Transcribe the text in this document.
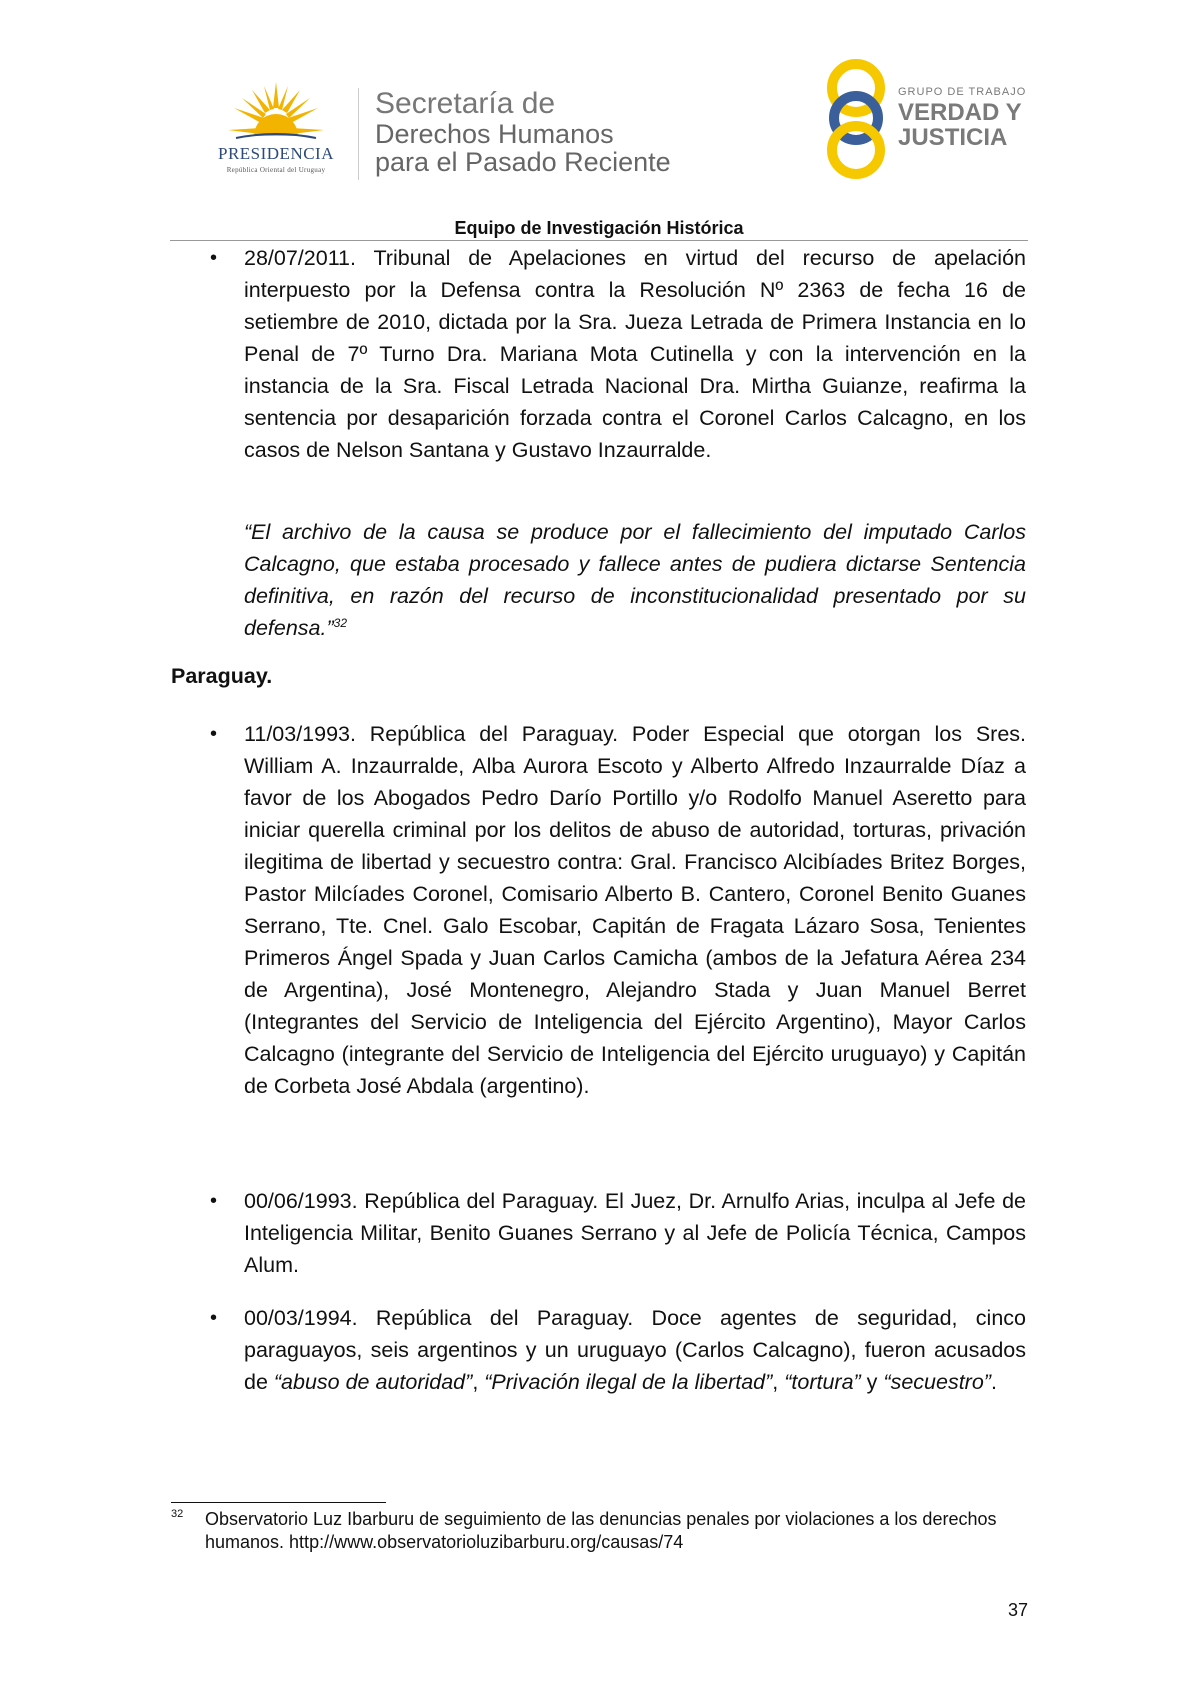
PRESIDENCIA
República Oriental del Uruguay
Secretaría de
Derechos Humanos
para el Pasado Reciente
GRUPO DE TRABAJO
VERDAD Y
JUSTICIA
Equipo de Investigación Histórica
• 28/07/2011. Tribunal de Apelaciones en virtud del recurso de apelación interpuesto por la Defensa contra la Resolución Nº 2363 de fecha 16 de setiembre de 2010, dictada por la Sra. Jueza Letrada de Primera Instancia en lo Penal de 7º Turno Dra. Mariana Mota Cutinella y con la intervención en la instancia de la Sra. Fiscal Letrada Nacional Dra. Mirtha Guianze, reafirma la sentencia por desaparición forzada contra el Coronel Carlos Calcagno, en los casos de Nelson Santana y Gustavo Inzaurralde.
“El archivo de la causa se produce por el fallecimiento del imputado Carlos Calcagno, que estaba procesado y fallece antes de pudiera dictarse Sentencia definitiva, en razón del recurso de inconstitucionalidad presentado por su defensa.”$^{32}$
Paraguay.
• 11/03/1993. República del Paraguay. Poder Especial que otorgan los Sres. William A. Inzaurralde, Alba Aurora Escoto y Alberto Alfredo Inzaurralde Díaz a favor de los Abogados Pedro Darío Portillo y/o Rodolfo Manuel Aseretto para iniciar querella criminal por los delitos de abuso de autoridad, torturas, privación ilegitima de libertad y secuestro contra: Gral. Francisco Alcibíades Britez Borges, Pastor Milcíades Coronel, Comisario Alberto B. Cantero, Coronel Benito Guanes Serrano, Tte. Cnel. Galo Escobar, Capitán de Fragata Lázaro Sosa, Tenientes Primeros Ángel Spada y Juan Carlos Camicha (ambos de la Jefatura Aérea 234 de Argentina), José Montenegro, Alejandro Stada y Juan Manuel Berret (Integrantes del Servicio de Inteligencia del Ejército Argentino), Mayor Carlos Calcagno (integrante del Servicio de Inteligencia del Ejército uruguayo) y Capitán de Corbeta José Abdala (argentino).
• 00/06/1993. República del Paraguay. El Juez, Dr. Arnulfo Arias, inculpa al Jefe de Inteligencia Militar, Benito Guanes Serrano y al Jefe de Policía Técnica, Campos Alum.
• 00/03/1994. República del Paraguay. Doce agentes de seguridad, cinco paraguayos, seis argentinos y un uruguayo (Carlos Calcagno), fueron acusados de “abuso de autoridad”, “Privación ilegal de la libertad”, “tortura” y “secuestro”.
32 Observatorio Luz Ibarburu de seguimiento de las denuncias penales por violaciones a los derechos humanos. http://www.observatorioluzibarburu.org/causas/74
37
